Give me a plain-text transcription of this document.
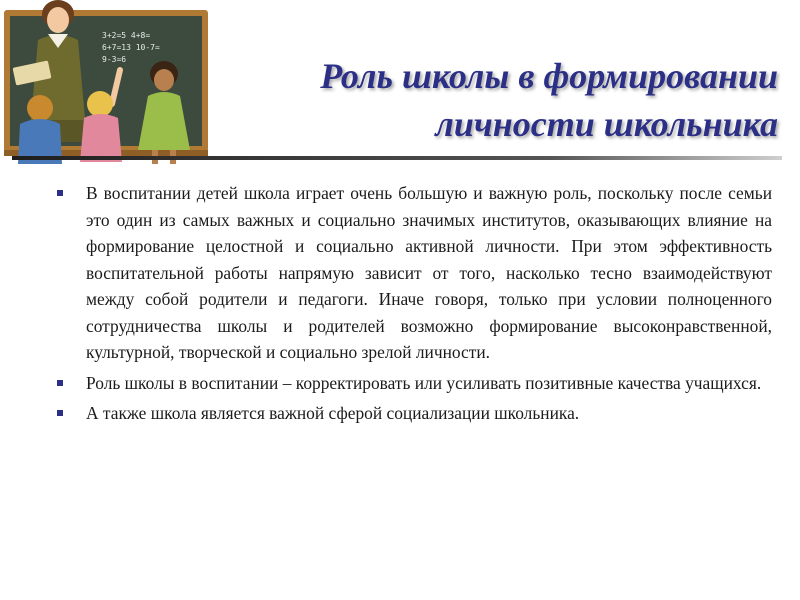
3+2=5 4+8=
6+7=13 10-7=
9-3=6	Роль школы в формировании
личности школьника
В воспитании детей школа играет очень большую и важную роль, поскольку после семьи это один из самых важных и социально значимых институтов, оказывающих влияние на формирование целостной и социально активной личности. При этом эффективность воспитательной работы напрямую зависит от того, насколько тесно взаимодействуют между собой родители и педагоги. Иначе говоря, только при условии полноценного сотрудничества школы и родителей возможно формирование высоконравственной, культурной, творческой и социально зрелой личности.
Роль школы в воспитании – корректировать или усиливать позитивные качества учащихся.
А также школа является важной сферой социализации школьника.
